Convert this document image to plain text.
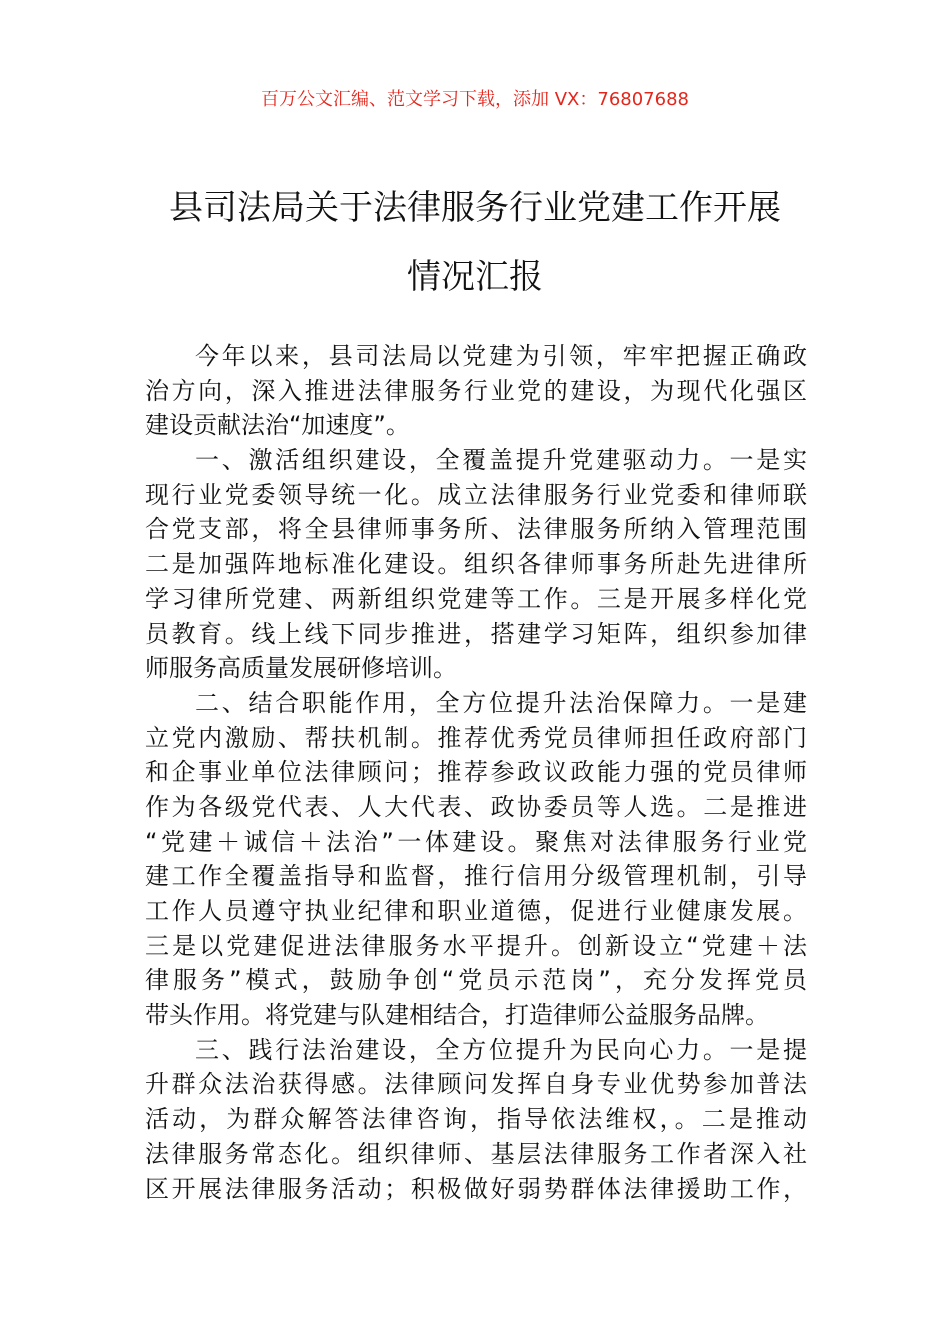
百万公文汇编、范文学习下载，添加 VX：76807688
县司法局关于法律服务行业党建工作开展
情况汇报
今年以来，县司法局以党建为引领，牢牢把握正确政
治方向，深入推进法律服务行业党的建设，为现代化强区
建设贡献法治“加速度”。
一、激活组织建设，全覆盖提升党建驱动力。一是实
现行业党委领导统一化。成立法律服务行业党委和律师联
合党支部，将全县律师事务所、法律服务所纳入管理范围
二是加强阵地标准化建设。组织各律师事务所赴先进律所
学习律所党建、两新组织党建等工作。三是开展多样化党
员教育。线上线下同步推进，搭建学习矩阵，组织参加律
师服务高质量发展研修培训。
二、结合职能作用，全方位提升法治保障力。一是建
立党内激励、帮扶机制。推荐优秀党员律师担任政府部门
和企事业单位法律顾问；推荐参政议政能力强的党员律师
作为各级党代表、人大代表、政协委员等人选。二是推进
“党建＋诚信＋法治”一体建设。聚焦对法律服务行业党
建工作全覆盖指导和监督，推行信用分级管理机制，引导
工作人员遵守执业纪律和职业道德，促进行业健康发展。
三是以党建促进法律服务水平提升。创新设立“党建＋法
律服务”模式，鼓励争创“党员示范岗”，充分发挥党员
带头作用。将党建与队建相结合，打造律师公益服务品牌。
三、践行法治建设，全方位提升为民向心力。一是提
升群众法治获得感。法律顾问发挥自身专业优势参加普法
活动，为群众解答法律咨询，指导依法维权，。二是推动
法律服务常态化。组织律师、基层法律服务工作者深入社
区开展法律服务活动；积极做好弱势群体法律援助工作，
